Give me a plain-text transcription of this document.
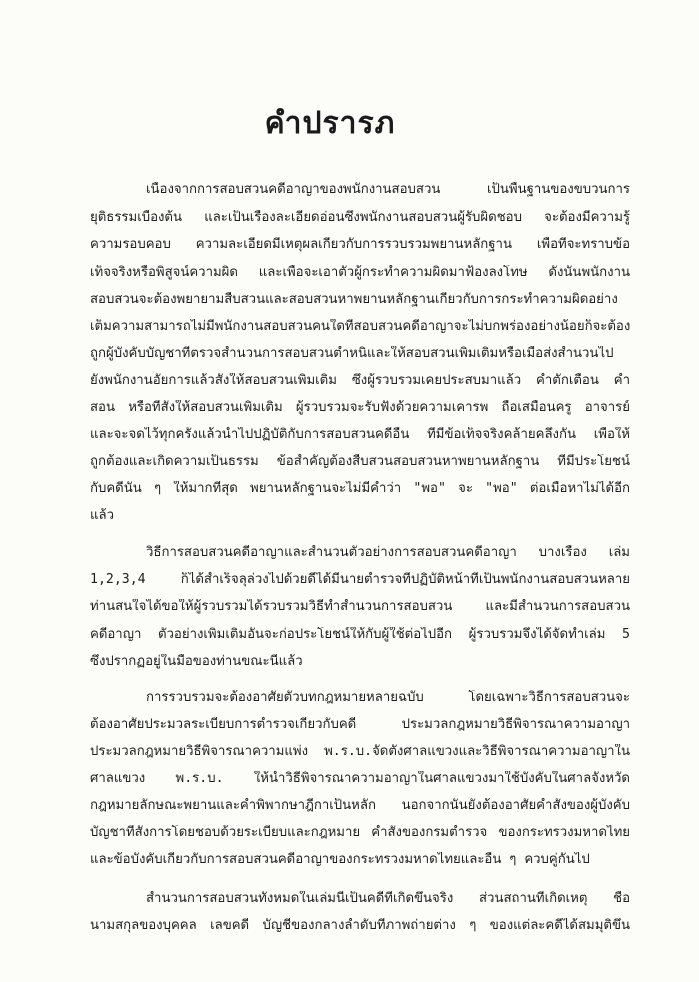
คำปรารภ
เนื่องจากการสอบสวนคดีอาญาของพนักงานสอบสวน เป็นพื้นฐานของขบวนการ
ยุติธรรมเบื้องต้น และเป็นเรื่องละเอียดอ่อนซึ่งพนักงานสอบสวนผู้รับผิดชอบ จะต้องมีความรู้
ความรอบคอบ ความละเอียดมีเหตุผลเกี่ยวกับการรวบรวมพยานหลักฐาน เพื่อที่จะทราบข้อ
เท็จจริงหรือพิสูจน์ความผิด และเพื่อจะเอาตัวผู้กระทำความผิดมาฟ้องลงโทษ ดังนั้นพนักงาน
สอบสวนจะต้องพยายามสืบสวนและสอบสวนหาพยานหลักฐานเกี่ยวกับการกระทำความผิดอย่าง
เต็มความสามารถไม่มีพนักงานสอบสวนคนใดที่สอบสวนคดีอาญาจะไม่บกพร่องอย่างน้อยก็จะต้อง
ถูกผู้บังคับบัญชาที่ตรวจสำนวนการสอบสวนตำหนิและให้สอบสวนเพิ่มเติมหรือเมื่อส่งสำนวนไป
ยังพนักงานอัยการแล้วสั่งให้สอบสวนเพิ่มเติม ซึ่งผู้รวบรวมเคยประสบมาแล้ว คำตักเตือน คำ
สอน หรือที่สั่งให้สอบสวนเพิ่มเติม ผู้รวบรวมจะรับฟังด้วยความเคารพ ถือเสมือนครู อาจารย์
และจะจดไว้ทุกครั้งแล้วนำไปปฏิบัติกับการสอบสวนคดีอื่น ที่มีข้อเท็จจริงคล้ายคลึงกัน เพื่อให้
ถูกต้องและเกิดความเป็นธรรม ข้อสำคัญต้องสืบสวนสอบสวนหาพยานหลักฐาน ที่มีประโยชน์
กับคดีนั้น ๆ ให้มากที่สุด พยานหลักฐานจะไม่มีคำว่า "พอ" จะ "พอ" ต่อเมื่อหาไม่ได้อีก
แล้ว
วิธีการสอบสวนคดีอาญาและสำนวนตัวอย่างการสอบสวนคดีอาญา บางเรื่อง เล่ม
1,2,3,4 ก็ได้สำเร็จลุล่วงไปด้วยดีได้มีนายตำรวจที่ปฏิบัติหน้าที่เป็นพนักงานสอบสวนหลาย
ท่านสนใจได้ขอให้ผู้รวบรวมได้รวบรวมวิธีทำสำนวนการสอบสวน และมีสำนวนการสอบสวน
คดีอาญา ตัวอย่างเพิ่มเติมอันจะก่อประโยชน์ให้กับผู้ใช้ต่อไปอีก ผู้รวบรวมจึงได้จัดทำเล่ม 5
ซึ่งปรากฏอยู่ในมือของท่านขณะนี้แล้ว
การรวบรวมจะต้องอาศัยตัวบทกฎหมายหลายฉบับ โดยเฉพาะวิธีการสอบสวนจะ
ต้องอาศัยประมวลระเบียบการตำรวจเกี่ยวกับคดี ประมวลกฎหมายวิธีพิจารณาความอาญา
ประมวลกฎหมายวิธีพิจารณาความแพ่ง พ.ร.บ.จัดตั้งศาลแขวงและวิธีพิจารณาความอาญาใน
ศาลแขวง พ.ร.บ. ให้นำวิธีพิจารณาความอาญาในศาลแขวงมาใช้บังคับในศาลจังหวัด
กฎหมายลักษณะพยานและคำพิพากษาฎีกาเป็นหลัก นอกจากนั้นยังต้องอาศัยคำสั่งของผู้บังคับ
บัญชาที่สั่งการโดยชอบด้วยระเบียบและกฎหมาย คำสั่งของกรมตำรวจ ของกระทรวงมหาดไทย
และข้อบังคับเกี่ยวกับการสอบสวนคดีอาญาของกระทรวงมหาดไทยและอื่น ๆ ควบคู่กันไป
สำนวนการสอบสวนทั้งหมดในเล่มนี้เป็นคดีที่เกิดขึ้นจริง ส่วนสถานที่เกิดเหตุ ชื่อ
นามสกุลของบุคคล เลขคดี บัญชีของกลางลำดับที่ภาพถ่ายต่าง ๆ ของแต่ละคดีได้สมมุติขึ้น
